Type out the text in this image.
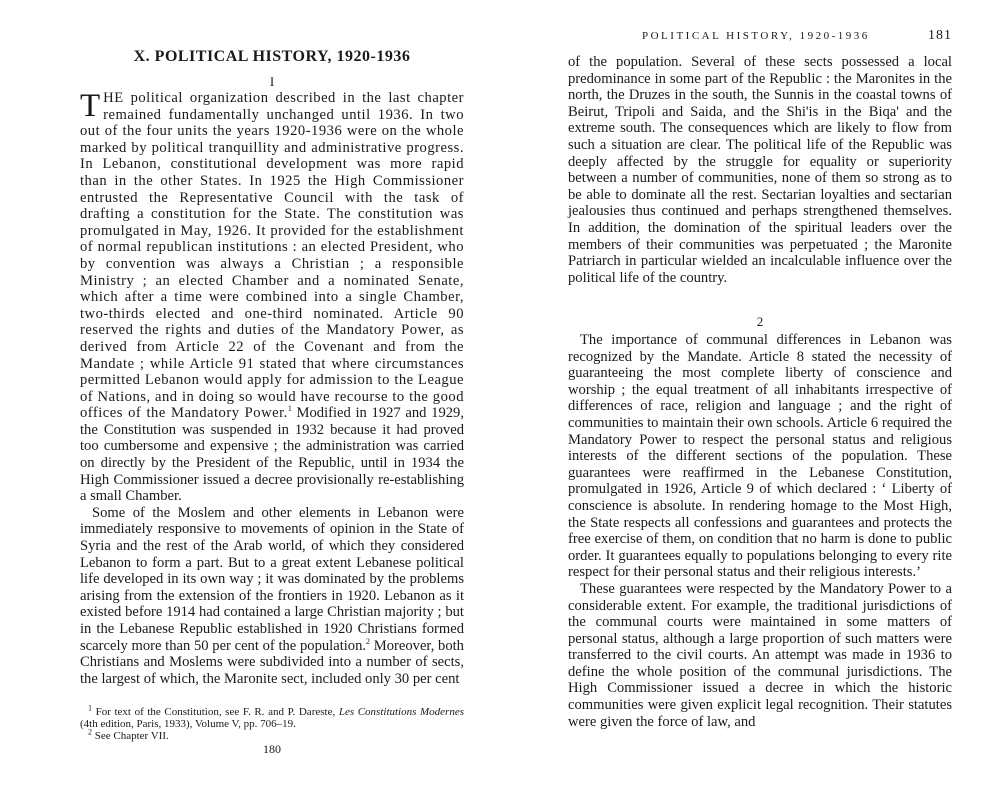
X. POLITICAL HISTORY, 1920-1936

I

THE political organization described in the last chapter remained fundamentally unchanged until 1936. In two out of the four units the years 1920-1936 were on the whole marked by political tranquillity and administrative progress. In Lebanon, constitutional development was more rapid than in the other States. In 1925 the High Commissioner entrusted the Representative Council with the task of drafting a constitution for the State. The constitution was promulgated in May, 1926. It provided for the establishment of normal republican institutions : an elected President, who by convention was always a Christian ; a responsible Ministry ; an elected Chamber and a nominated Senate, which after a time were combined into a single Chamber, two-thirds elected and one-third nominated. Article 90 reserved the rights and duties of the Mandatory Power, as derived from Article 22 of the Covenant and from the Mandate ; while Article 91 stated that where circumstances permitted Lebanon would apply for admission to the League of Nations, and in doing so would have recourse to the good offices of the Mandatory Power.$^1$ Modified in 1927 and 1929, the Constitution was suspended in 1932 because it had proved too cumbersome and expensive ; the administration was carried on directly by the President of the Republic, until in 1934 the High Commissioner issued a decree provisionally re-establishing a small Chamber.

Some of the Moslem and other elements in Lebanon were immediately responsive to movements of opinion in the State of Syria and the rest of the Arab world, of which they considered Lebanon to form a part. But to a great extent Lebanese political life developed in its own way ; it was dominated by the problems arising from the extension of the frontiers in 1920. Lebanon as it existed before 1914 had contained a large Christian majority ; but in the Lebanese Republic established in 1920 Christians formed scarcely more than 50 per cent of the population.$^2$ Moreover, both Christians and Moslems were subdivided into a number of sects, the largest of which, the Maronite sect, included only 30 per cent

$^1$ For text of the Constitution, see F. R. and P. Dareste, Les Constitutions Modernes (4th edition, Paris, 1933), Volume V, pp. 706–19.

$^2$ See Chapter VII.

180
POLITICAL HISTORY, 1920-1936	181

of the population. Several of these sects possessed a local predominance in some part of the Republic : the Maronites in the north, the Druzes in the south, the Sunnis in the coastal towns of Beirut, Tripoli and Saida, and the Shi'is in the Biqa' and the extreme south. The consequences which are likely to flow from such a situation are clear. The political life of the Republic was deeply affected by the struggle for equality or superiority between a number of communities, none of them so strong as to be able to dominate all the rest. Sectarian loyalties and sectarian jealousies thus continued and perhaps strengthened themselves. In addition, the domination of the spiritual leaders over the members of their communities was perpetuated ; the Maronite Patriarch in particular wielded an incalculable influence over the political life of the country.

2

The importance of communal differences in Lebanon was recognized by the Mandate. Article 8 stated the necessity of guaranteeing the most complete liberty of conscience and worship ; the equal treatment of all inhabitants irrespective of differences of race, religion and language ; and the right of communities to maintain their own schools. Article 6 required the Mandatory Power to respect the personal status and religious interests of the different sections of the population. These guarantees were reaffirmed in the Lebanese Constitution, promulgated in 1926, Article 9 of which declared : ‘ Liberty of conscience is absolute. In rendering homage to the Most High, the State respects all confessions and guarantees and protects the free exercise of them, on condition that no harm is done to public order. It guarantees equally to populations belonging to every rite respect for their personal status and their religious interests.’

These guarantees were respected by the Mandatory Power to a considerable extent. For example, the traditional jurisdictions of the communal courts were maintained in some matters of personal status, although a large proportion of such matters were transferred to the civil courts. An attempt was made in 1936 to define the whole position of the communal jurisdictions. The High Commissioner issued a decree in which the historic communities were given explicit legal recognition. Their statutes were given the force of law, and
